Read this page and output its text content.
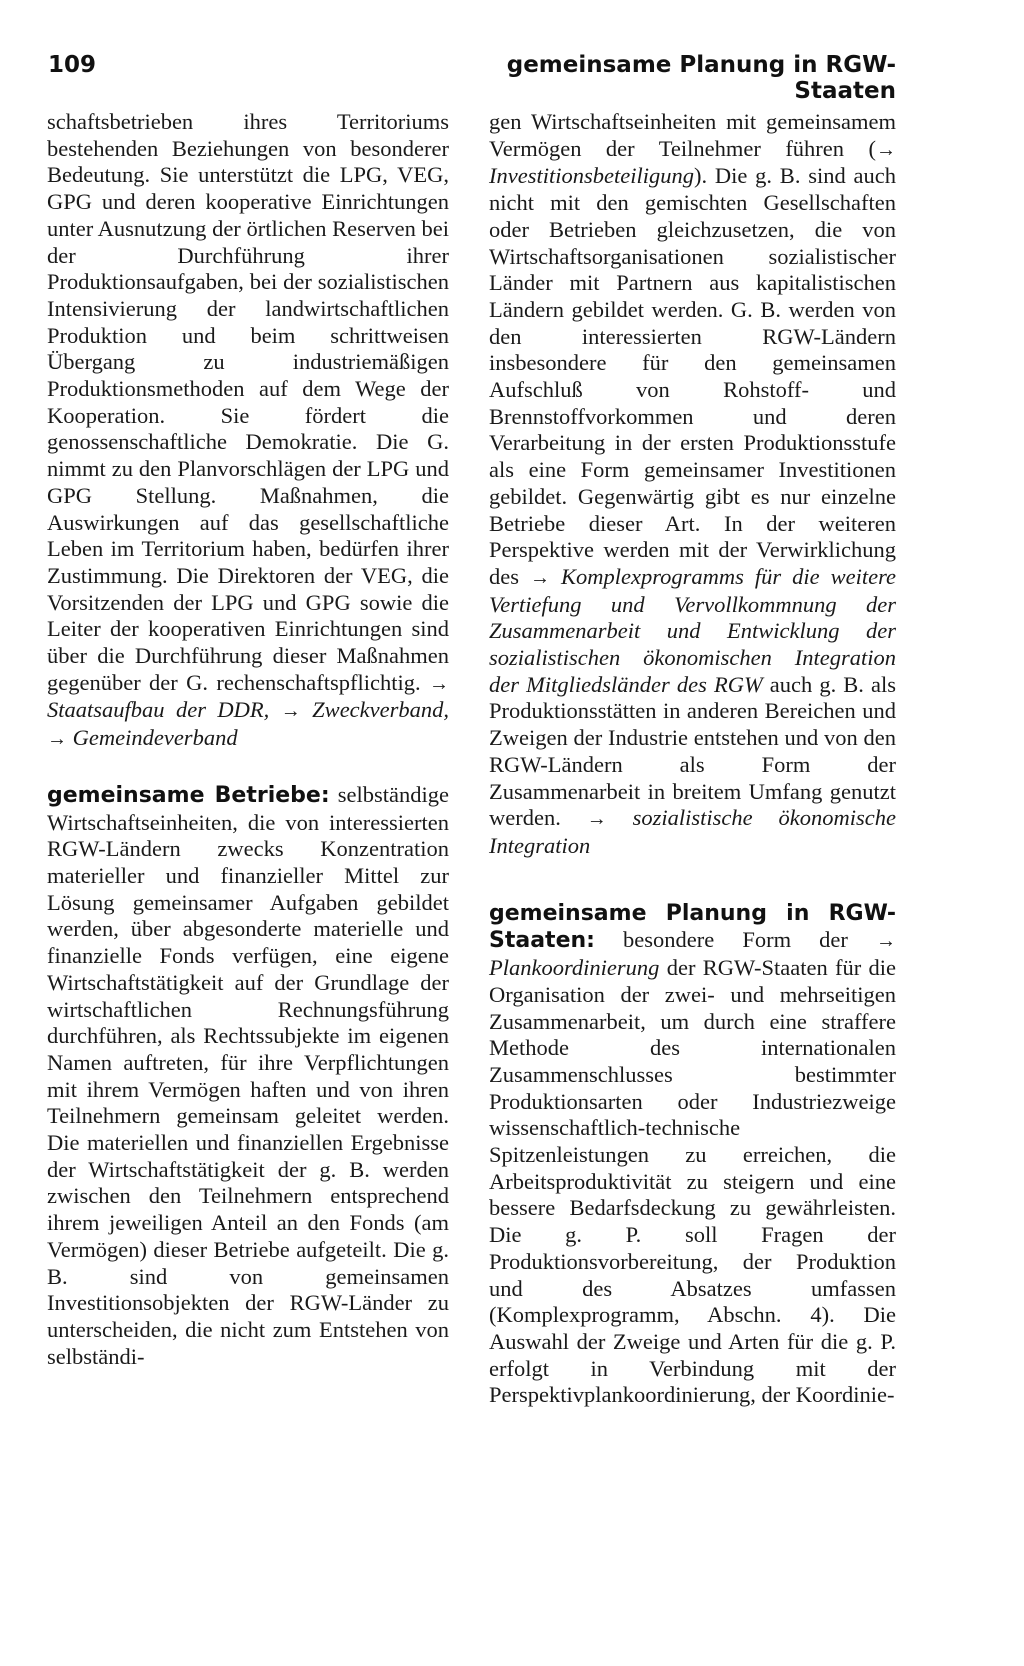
109	gemeinsame Planung in RGW-Staaten

schaftsbetrieben ihres Territoriums bestehenden Beziehungen von besonderer Bedeutung. Sie unterstützt die LPG, VEG, GPG und deren kooperative Einrichtungen unter Ausnutzung der örtlichen Reserven bei der Durchführung ihrer Produktionsaufgaben, bei der sozialistischen Intensivierung der landwirtschaftlichen Produktion und beim schrittweisen Übergang zu industriemäßigen Produktionsmethoden auf dem Wege der Kooperation. Sie fördert die genossenschaftliche Demokratie. Die G. nimmt zu den Planvorschlägen der LPG und GPG Stellung. Maßnahmen, die Auswirkungen auf das gesellschaftliche Leben im Territorium haben, bedürfen ihrer Zustimmung. Die Direktoren der VEG, die Vorsitzenden der LPG und GPG sowie die Leiter der kooperativen Einrichtungen sind über die Durchführung dieser Maßnahmen gegenüber der G. rechenschaftspflichtig. → Staatsaufbau der DDR, → Zweckverband, → Gemeindeverband

gemeinsame Betriebe: selbständige Wirtschaftseinheiten, die von interessierten RGW-Ländern zwecks Konzentration materieller und finanzieller Mittel zur Lösung gemeinsamer Aufgaben gebildet werden, über abgesonderte materielle und finanzielle Fonds verfügen, eine eigene Wirtschaftstätigkeit auf der Grundlage der wirtschaftlichen Rechnungsführung durchführen, als Rechtssubjekte im eigenen Namen auftreten, für ihre Verpflichtungen mit ihrem Vermögen haften und von ihren Teilnehmern gemeinsam geleitet werden. Die materiellen und finanziellen Ergebnisse der Wirtschaftstätigkeit der g. B. werden zwischen den Teilnehmern entsprechend ihrem jeweiligen Anteil an den Fonds (am Vermögen) dieser Betriebe aufgeteilt. Die g. B. sind von gemeinsamen Investitionsobjekten der RGW-Länder zu unterscheiden, die nicht zum Entstehen von selbständi-

gen Wirtschaftseinheiten mit gemeinsamem Vermögen der Teilnehmer führen (→ Investitionsbeteiligung). Die g. B. sind auch nicht mit den gemischten Gesellschaften oder Betrieben gleichzusetzen, die von Wirtschaftsorganisationen sozialistischer Länder mit Partnern aus kapitalistischen Ländern gebildet werden. G. B. werden von den interessierten RGW-Ländern insbesondere für den gemeinsamen Aufschluß von Rohstoff- und Brennstoffvorkommen und deren Verarbeitung in der ersten Produktionsstufe als eine Form gemeinsamer Investitionen gebildet. Gegenwärtig gibt es nur einzelne Betriebe dieser Art. In der weiteren Perspektive werden mit der Verwirklichung des → Komplexprogramms für die weitere Vertiefung und Vervollkommnung der Zusammenarbeit und Entwicklung der sozialistischen ökonomischen Integration der Mitgliedsländer des RGW auch g. B. als Produktionsstätten in anderen Bereichen und Zweigen der Industrie entstehen und von den RGW-Ländern als Form der Zusammenarbeit in breitem Umfang genutzt werden. → sozialistische ökonomische Integration

gemeinsame Planung in RGW-Staaten: besondere Form der → Plankoordinierung der RGW-Staaten für die Organisation der zwei- und mehrseitigen Zusammenarbeit, um durch eine straffere Methode des internationalen Zusammenschlusses bestimmter Produktionsarten oder Industriezweige wissenschaftlich-technische Spitzenleistungen zu erreichen, die Arbeitsproduktivität zu steigern und eine bessere Bedarfsdeckung zu gewährleisten. Die g. P. soll Fragen der Produktionsvorbereitung, der Produktion und des Absatzes umfassen (Komplexprogramm, Abschn. 4). Die Auswahl der Zweige und Arten für die g. P. erfolgt in Verbindung mit der Perspektivplankoordinierung, der Koordinie-
